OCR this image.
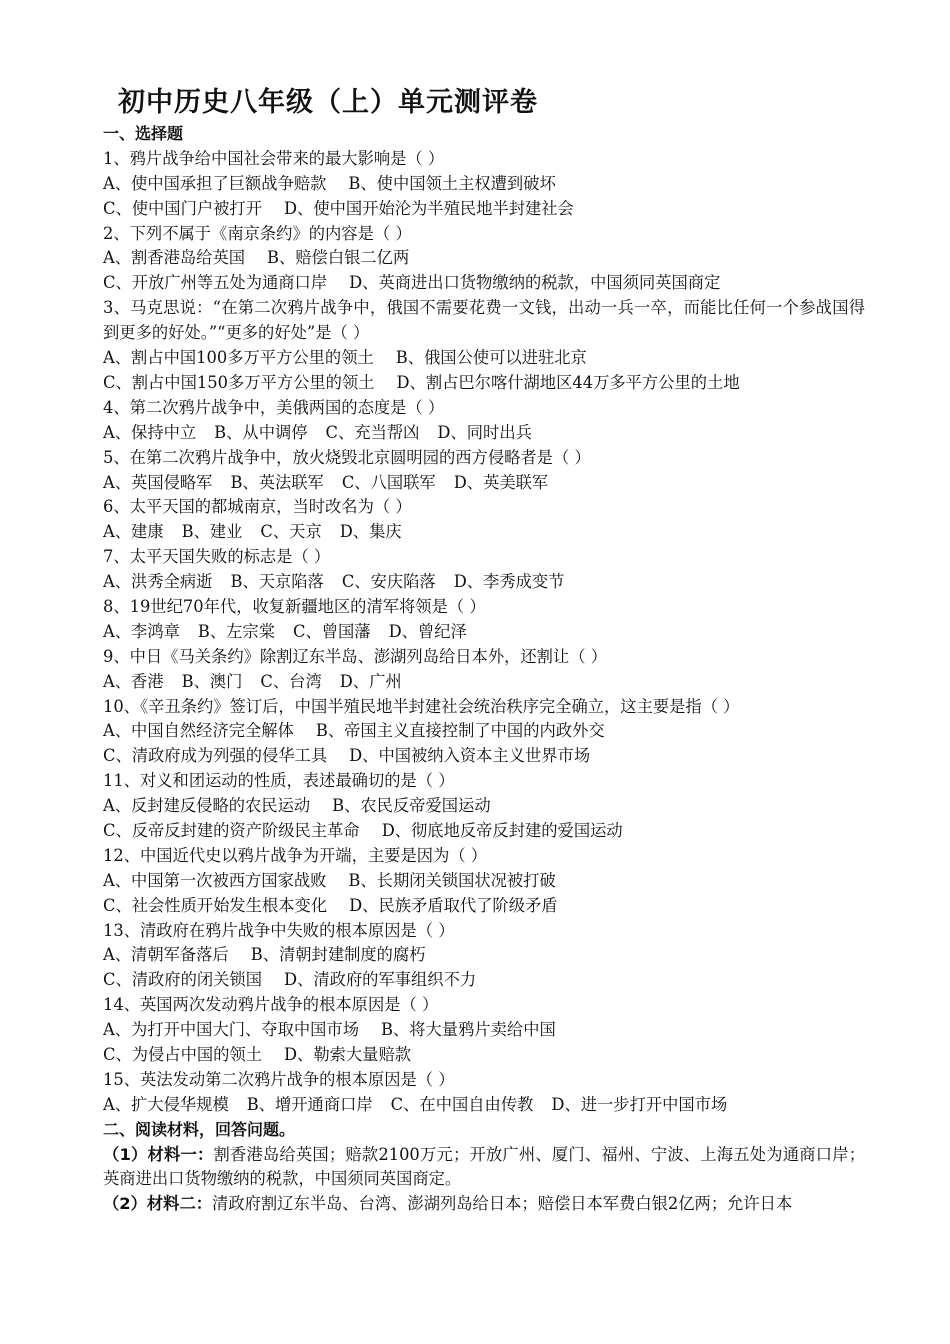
初中历史八年级（上）单元测评卷
一、选择题
1、鸦片战争给中国社会带来的最大影响是（ ）
A、使中国承担了巨额战争赔款 B、使中国领土主权遭到破坏
C、使中国门户被打开 D、使中国开始沦为半殖民地半封建社会
2、下列不属于《南京条约》的内容是（ ）
A、割香港岛给英国 B、赔偿白银二亿两
C、开放广州等五处为通商口岸 D、英商进出口货物缴纳的税款，中国须同英国商定
3、马克思说：“在第二次鸦片战争中，俄国不需要花费一文钱，出动一兵一卒，而能比任何一个参战国得到更多的好处。”“更多的好处”是（ ）
A、割占中国100多万平方公里的领土 B、俄国公使可以进驻北京
C、割占中国150多万平方公里的领土 D、割占巴尔喀什湖地区44万多平方公里的土地
4、第二次鸦片战争中，美俄两国的态度是（ ）
A、保持中立 B、从中调停 C、充当帮凶 D、同时出兵
5、在第二次鸦片战争中，放火烧毁北京圆明园的西方侵略者是（ ）
A、英国侵略军 B、英法联军 C、八国联军 D、英美联军
6、太平天国的都城南京，当时改名为（ ）
A、建康 B、建业 C、天京 D、集庆
7、太平天国失败的标志是（ ）
A、洪秀全病逝 B、天京陷落 C、安庆陷落 D、李秀成变节
8、19世纪70年代，收复新疆地区的清军将领是（ ）
A、李鸿章 B、左宗棠 C、曾国藩 D、曾纪泽
9、中日《马关条约》除割辽东半岛、澎湖列岛给日本外，还割让（ ）
A、香港 B、澳门 C、台湾 D、广州
10、《辛丑条约》签订后，中国半殖民地半封建社会统治秩序完全确立，这主要是指（ ）
A、中国自然经济完全解体 B、帝国主义直接控制了中国的内政外交
C、清政府成为列强的侵华工具 D、中国被纳入资本主义世界市场
11、对义和团运动的性质，表述最确切的是（ ）
A、反封建反侵略的农民运动 B、农民反帝爱国运动
C、反帝反封建的资产阶级民主革命 D、彻底地反帝反封建的爱国运动
12、中国近代史以鸦片战争为开端，主要是因为（ ）
A、中国第一次被西方国家战败 B、长期闭关锁国状况被打破
C、社会性质开始发生根本变化 D、民族矛盾取代了阶级矛盾
13、清政府在鸦片战争中失败的根本原因是（ ）
A、清朝军备落后 B、清朝封建制度的腐朽
C、清政府的闭关锁国 D、清政府的军事组织不力
14、英国两次发动鸦片战争的根本原因是（ ）
A、为打开中国大门、夺取中国市场 B、将大量鸦片卖给中国
C、为侵占中国的领土 D、勒索大量赔款
15、英法发动第二次鸦片战争的根本原因是（ ）
A、扩大侵华规模 B、增开通商口岸 C、在中国自由传教 D、进一步打开中国市场
二、阅读材料，回答问题。
（1）材料一：割香港岛给英国；赔款2100万元；开放广州、厦门、福州、宁波、上海五处为通商口岸；英商进出口货物缴纳的税款，中国须同英国商定。
（2）材料二：清政府割辽东半岛、台湾、澎湖列岛给日本；赔偿日本军费白银2亿两；允许日本
